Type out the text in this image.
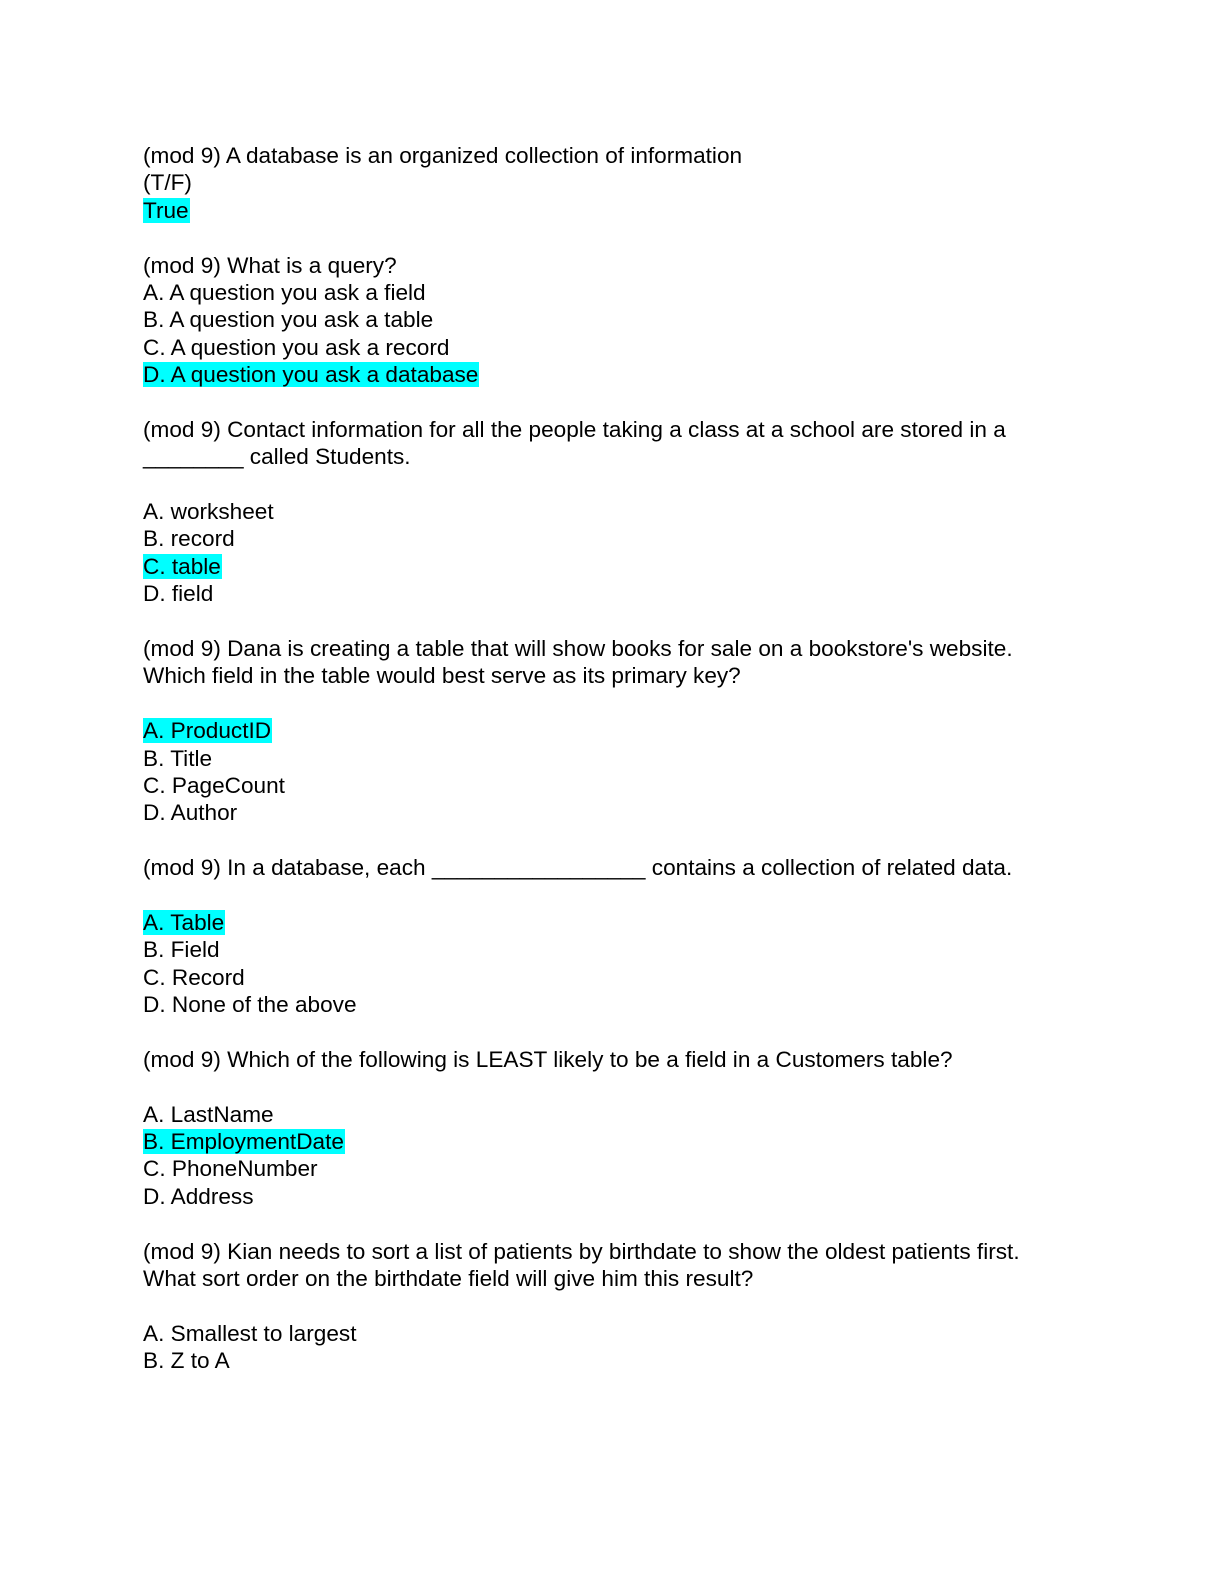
(mod 9) A database is an organized collection of information
(T/F)
True
(mod 9) What is a query?
A. A question you ask a field
B. A question you ask a table
C. A question you ask a record
D. A question you ask a database
(mod 9) Contact information for all the people taking a class at a school are stored in a
________ called Students.
A. worksheet
B. record
C. table
D. field
(mod 9) Dana is creating a table that will show books for sale on a bookstore's website.
Which field in the table would best serve as its primary key?
A. ProductID
B. Title
C. PageCount
D. Author
(mod 9) In a database, each _________________ contains a collection of related data.
A. Table
B. Field
C. Record
D. None of the above
(mod 9) Which of the following is LEAST likely to be a field in a Customers table?
A. LastName
B. EmploymentDate
C. PhoneNumber
D. Address
(mod 9) Kian needs to sort a list of patients by birthdate to show the oldest patients first.
What sort order on the birthdate field will give him this result?
A. Smallest to largest
B. Z to A
